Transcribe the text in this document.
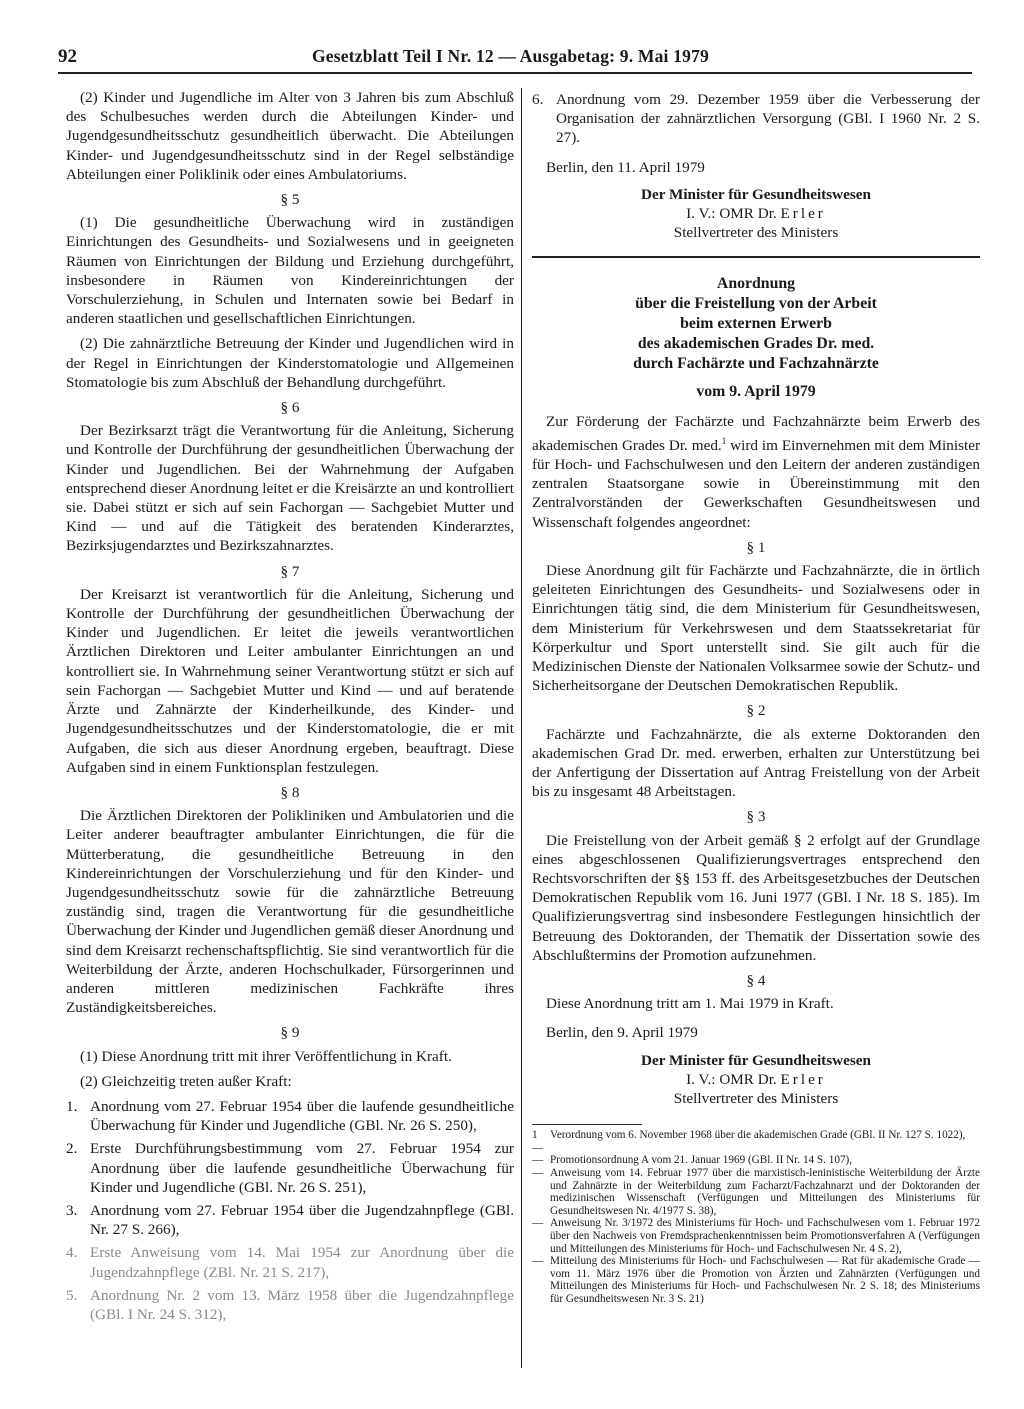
92	Gesetzblatt Teil I Nr. 12 — Ausgabetag: 9. Mai 1979

(2) Kinder und Jugendliche im Alter von 3 Jahren bis zum Abschluß des Schulbesuches werden durch die Abteilungen Kinder- und Jugendgesundheitsschutz gesundheitlich überwacht. Die Abteilungen Kinder- und Jugendgesundheitsschutz sind in der Regel selbständige Abteilungen einer Poliklinik oder eines Ambulatoriums.

§ 5

(1) Die gesundheitliche Überwachung wird in zuständigen Einrichtungen des Gesundheits- und Sozialwesens und in geeigneten Räumen von Einrichtungen der Bildung und Erziehung durchgeführt, insbesondere in Räumen von Kindereinrichtungen der Vorschulerziehung, in Schulen und Internaten sowie bei Bedarf in anderen staatlichen und gesellschaftlichen Einrichtungen.

(2) Die zahnärztliche Betreuung der Kinder und Jugendlichen wird in der Regel in Einrichtungen der Kinderstomatologie und Allgemeinen Stomatologie bis zum Abschluß der Behandlung durchgeführt.

§ 6

Der Bezirksarzt trägt die Verantwortung für die Anleitung, Sicherung und Kontrolle der Durchführung der gesundheitlichen Überwachung der Kinder und Jugendlichen. Bei der Wahrnehmung der Aufgaben entsprechend dieser Anordnung leitet er die Kreisärzte an und kontrolliert sie. Dabei stützt er sich auf sein Fachorgan — Sachgebiet Mutter und Kind — und auf die Tätigkeit des beratenden Kinderarztes, Bezirksjugendarztes und Bezirkszahnarztes.

§ 7

Der Kreisarzt ist verantwortlich für die Anleitung, Sicherung und Kontrolle der Durchführung der gesundheitlichen Überwachung der Kinder und Jugendlichen. Er leitet die jeweils verantwortlichen Ärztlichen Direktoren und Leiter ambulanter Einrichtungen an und kontrolliert sie. In Wahrnehmung seiner Verantwortung stützt er sich auf sein Fachorgan — Sachgebiet Mutter und Kind — und auf beratende Ärzte und Zahnärzte der Kinderheilkunde, des Kinder- und Jugendgesundheitsschutzes und der Kinderstomatologie, die er mit Aufgaben, die sich aus dieser Anordnung ergeben, beauftragt. Diese Aufgaben sind in einem Funktionsplan festzulegen.

§ 8

Die Ärztlichen Direktoren der Polikliniken und Ambulatorien und die Leiter anderer beauftragter ambulanter Einrichtungen, die für die Mütterberatung, die gesundheitliche Betreuung in den Kindereinrichtungen der Vorschulerziehung und für den Kinder- und Jugendgesundheitsschutz sowie für die zahnärztliche Betreuung zuständig sind, tragen die Verantwortung für die gesundheitliche Überwachung der Kinder und Jugendlichen gemäß dieser Anordnung und sind dem Kreisarzt rechenschaftspflichtig. Sie sind verantwortlich für die Weiterbildung der Ärzte, anderen Hochschulkader, Fürsorgerinnen und anderen mittleren medizinischen Fachkräfte ihres Zuständigkeitsbereiches.

§ 9

(1) Diese Anordnung tritt mit ihrer Veröffentlichung in Kraft.

(2) Gleichzeitig treten außer Kraft:

1. Anordnung vom 27. Februar 1954 über die laufende gesundheitliche Überwachung für Kinder und Jugendliche (GBl. Nr. 26 S. 250),
2. Erste Durchführungsbestimmung vom 27. Februar 1954 zur Anordnung über die laufende gesundheitliche Überwachung für Kinder und Jugendliche (GBl. Nr. 26 S. 251),
3. Anordnung vom 27. Februar 1954 über die Jugendzahnpflege (GBl. Nr. 27 S. 266),
4. Erste Anweisung vom 14. Mai 1954 zur Anordnung über die Jugendzahnpflege (ZBl. Nr. 21 S. 217),
5. Anordnung Nr. 2 vom 13. März 1958 über die Jugendzahnpflege (GBl. I Nr. 24 S. 312),
6. Anordnung vom 29. Dezember 1959 über die Verbesserung der Organisation der zahnärztlichen Versorgung (GBl. I 1960 Nr. 2 S. 27).

Berlin, den 11. April 1979

Der Minister für Gesundheitswesen

I. V.: OMR Dr. Erler

Stellvertreter des Ministers

Anordnung
über die Freistellung von der Arbeit
beim externen Erwerb
des akademischen Grades Dr. med.
durch Fachärzte und Fachzahnärzte
vom 9. April 1979

Zur Förderung der Fachärzte und Fachzahnärzte beim Erwerb des akademischen Grades Dr. med.$^1$ wird im Einvernehmen mit dem Minister für Hoch- und Fachschulwesen und den Leitern der anderen zuständigen zentralen Staatsorgane sowie in Übereinstimmung mit den Zentralvorständen der Gewerkschaften Gesundheitswesen und Wissenschaft folgendes angeordnet:

§ 1

Diese Anordnung gilt für Fachärzte und Fachzahnärzte, die in örtlich geleiteten Einrichtungen des Gesundheits- und Sozialwesens oder in Einrichtungen tätig sind, die dem Ministerium für Gesundheitswesen, dem Ministerium für Verkehrswesen und dem Staatssekretariat für Körperkultur und Sport unterstellt sind. Sie gilt auch für die Medizinischen Dienste der Nationalen Volksarmee sowie der Schutz- und Sicherheitsorgane der Deutschen Demokratischen Republik.

§ 2

Fachärzte und Fachzahnärzte, die als externe Doktoranden den akademischen Grad Dr. med. erwerben, erhalten zur Unterstützung bei der Anfertigung der Dissertation auf Antrag Freistellung von der Arbeit bis zu insgesamt 48 Arbeitstagen.

§ 3

Die Freistellung von der Arbeit gemäß § 2 erfolgt auf der Grundlage eines abgeschlossenen Qualifizierungsvertrages entsprechend den Rechtsvorschriften der §§ 153 ff. des Arbeitsgesetzbuches der Deutschen Demokratischen Republik vom 16. Juni 1977 (GBl. I Nr. 18 S. 185). Im Qualifizierungsvertrag sind insbesondere Festlegungen hinsichtlich der Betreuung des Doktoranden, der Thematik der Dissertation sowie des Abschlußtermins der Promotion aufzunehmen.

§ 4

Diese Anordnung tritt am 1. Mai 1979 in Kraft.

Berlin, den 9. April 1979

Der Minister für Gesundheitswesen

I. V.: OMR Dr. Erler

Stellvertreter des Ministers

1 —
Verordnung vom 6. November 1968 über die akademischen Grade (GBl. II Nr. 127 S. 1022),
— Promotionsordnung A vom 21. Januar 1969 (GBl. II Nr. 14 S. 107),
— Anweisung vom 14. Februar 1977 über die marxistisch-leninistische Weiterbildung der Ärzte und Zahnärzte in der Weiterbildung zum Facharzt/Fachzahnarzt und der Doktoranden der medizinischen Wissenschaft (Verfügungen und Mitteilungen des Ministeriums für Gesundheitswesen Nr. 4/1977 S. 38),
— Anweisung Nr. 3/1972 des Ministeriums für Hoch- und Fachschulwesen vom 1. Februar 1972 über den Nachweis von Fremdsprachenkenntnissen beim Promotionsverfahren A (Verfügungen und Mitteilungen des Ministeriums für Hoch- und Fachschulwesen Nr. 4 S. 2),
— Mitteilung des Ministeriums für Hoch- und Fachschulwesen — Rat für akademische Grade — vom 11. März 1976 über die Promotion von Ärzten und Zahnärzten (Verfügungen und Mitteilungen des Ministeriums für Hoch- und Fachschulwesen Nr. 2 S. 18; des Ministeriums für Gesundheitswesen Nr. 3 S. 21)
